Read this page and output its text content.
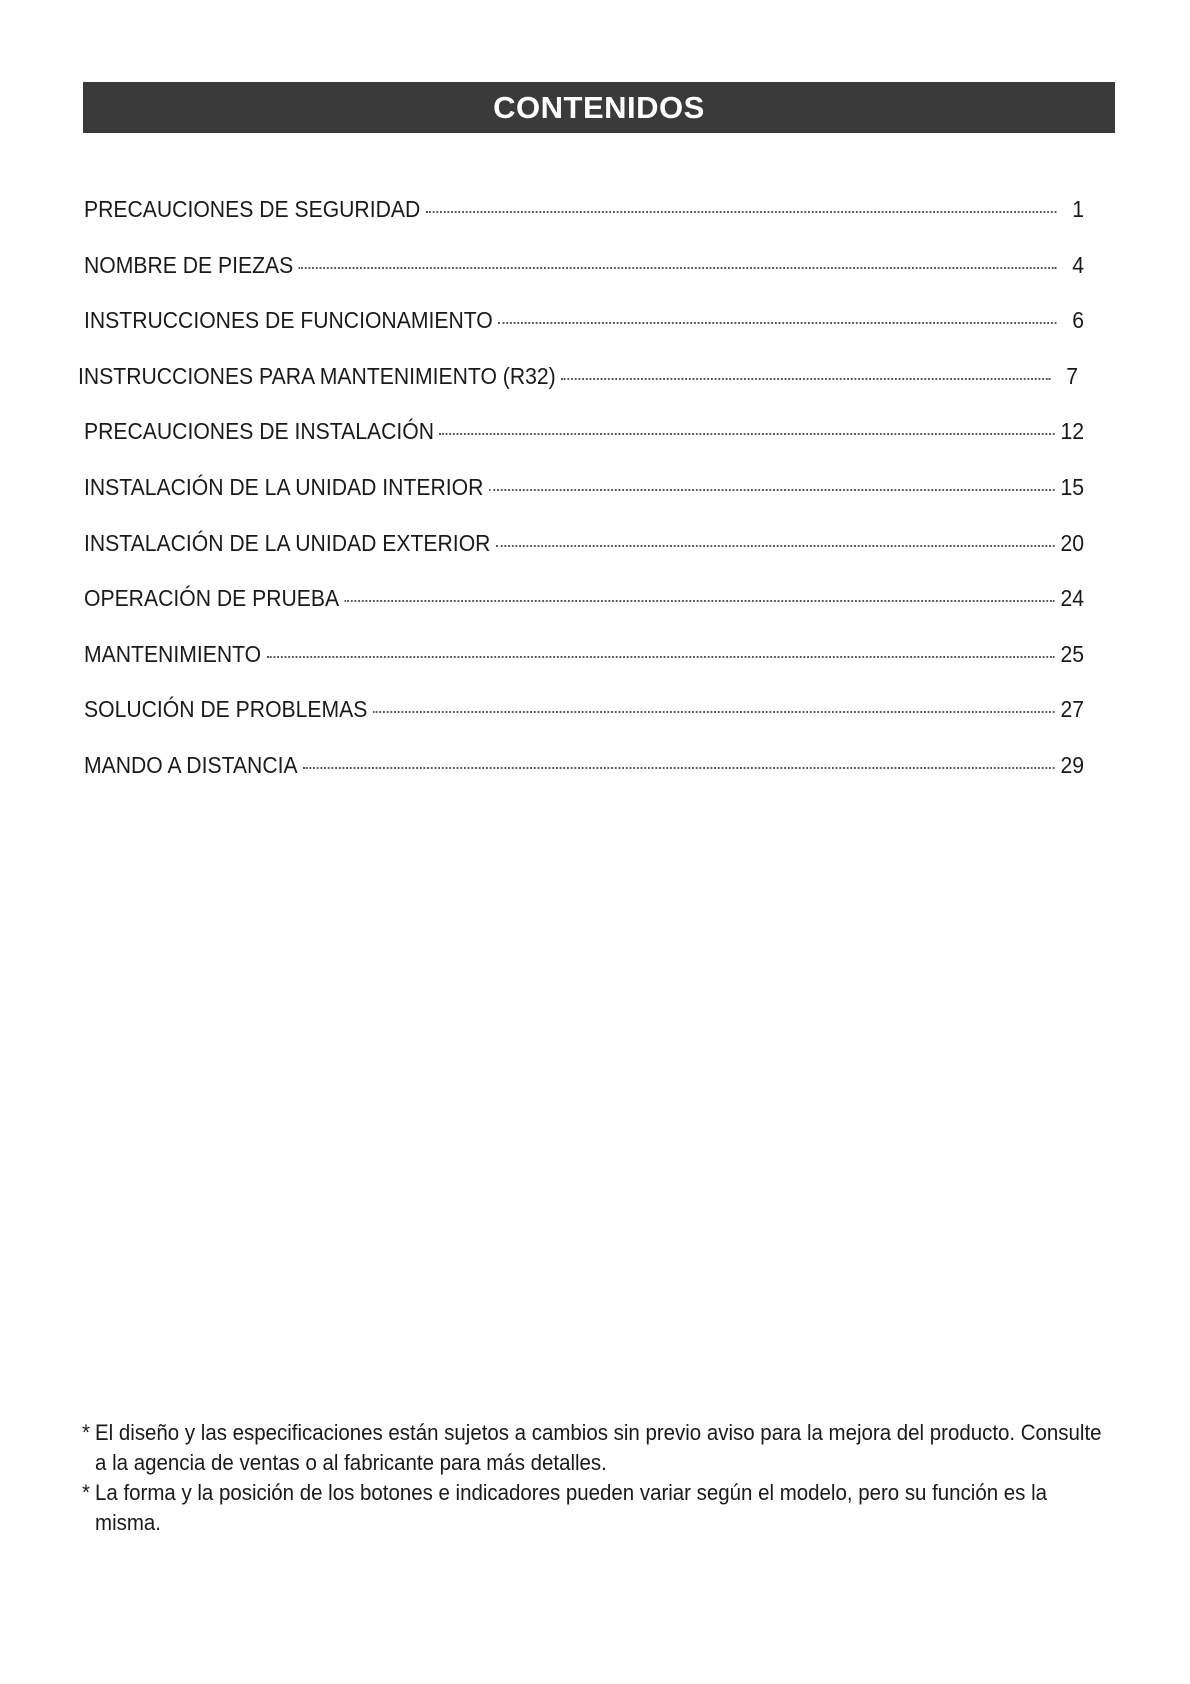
CONTENIDOS
PRECAUCIONES DE SEGURIDAD	1
NOMBRE DE PIEZAS	4
INSTRUCCIONES DE FUNCIONAMIENTO	6
INSTRUCCIONES PARA MANTENIMIENTO (R32)	7
PRECAUCIONES DE INSTALACIÓN	12
INSTALACIÓN DE LA UNIDAD INTERIOR	15
INSTALACIÓN DE LA UNIDAD EXTERIOR	20
OPERACIÓN DE PRUEBA	24
MANTENIMIENTO	25
SOLUCIÓN DE PROBLEMAS	27
MANDO A DISTANCIA	29
* El diseño y las especificaciones están sujetos a cambios sin previo aviso para la mejora del producto. Consulte a la agencia de ventas o al fabricante para más detalles.
* La forma y la posición de los botones e indicadores pueden variar según el modelo, pero su función es la misma.
